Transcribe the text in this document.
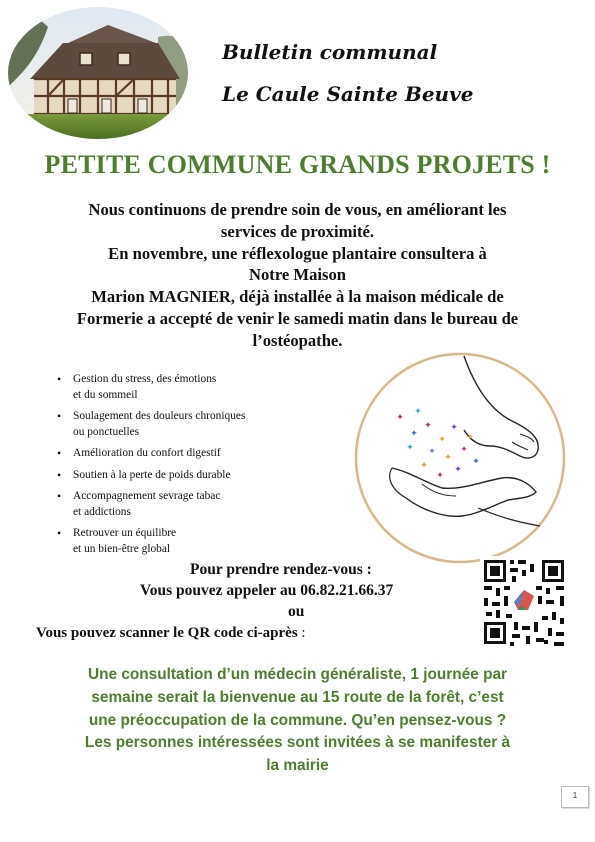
Bulletin communal
Le Caule Sainte Beuve
PETITE COMMUNE GRANDS PROJETS !
Nous continuons de prendre soin de vous, en améliorant les
services de proximité.
En novembre, une réflexologue plantaire consultera à
Notre Maison
Marion MAGNIER, déjà installée à la maison médicale de
Formerie a accepté de venir le samedi matin dans le bureau de
l’ostéopathe.
• Gestion du stress, des émotions
et du sommeil
• Soulagement des douleurs chroniques
ou ponctuelles
• Amélioration du confort digestif
• Soutien à la perte de poids durable
• Accompagnement sevrage tabac
et addictions
• Retrouver un équilibre
et un bien-être global
✦
✦
✦
✦
✦
✦ ✦
✦
✦
✦
✦	✦
✦
✦
✦
Pour prendre rendez-vous :
Vous pouvez appeler au 06.82.21.66.37
ou
Vous pouvez scanner le QR code ci-après :
Une consultation d’un médecin généraliste, 1 journée par
semaine serait la bienvenue au 15 route de la forêt, c’est
une préoccupation de la commune. Qu’en pensez-vous ?
Les personnes intéressées sont invitées à se manifester à
la mairie
1
